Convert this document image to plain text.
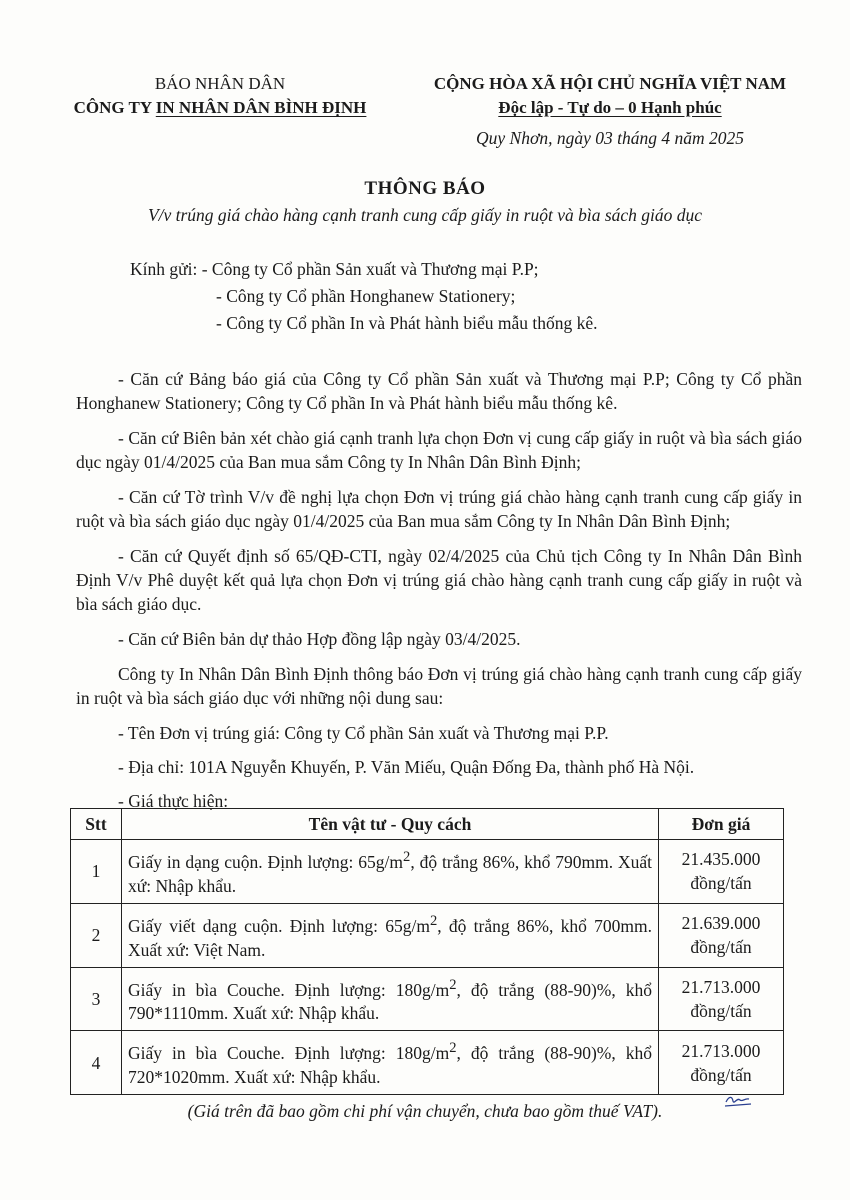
BÁO NHÂN DÂN
CÔNG TY IN NHÂN DÂN BÌNH ĐỊNH
CỘNG HÒA XÃ HỘI CHỦ NGHĨA VIỆT NAM
Độc lập - Tự do – 0 Hạnh phúc
Quy Nhơn, ngày 03 tháng 4 năm 2025
THÔNG BÁO
V/v trúng giá chào hàng cạnh tranh cung cấp giấy in ruột và bìa sách giáo dục
Kính gửi: - Công ty Cổ phần Sản xuất và Thương mại P.P;
- Công ty Cổ phần Honghanew Stationery;
- Công ty Cổ phần In và Phát hành biểu mẫu thống kê.

- Căn cứ Bảng báo giá của Công ty Cổ phần Sản xuất và Thương mại P.P; Công ty Cổ phần Honghanew Stationery; Công ty Cổ phần In và Phát hành biểu mẫu thống kê.

- Căn cứ Biên bản xét chào giá cạnh tranh lựa chọn Đơn vị cung cấp giấy in ruột và bìa sách giáo dục ngày 01/4/2025 của Ban mua sắm Công ty In Nhân Dân Bình Định;

- Căn cứ Tờ trình V/v đề nghị lựa chọn Đơn vị trúng giá chào hàng cạnh tranh cung cấp giấy in ruột và bìa sách giáo dục ngày 01/4/2025 của Ban mua sắm Công ty In Nhân Dân Bình Định;

- Căn cứ Quyết định số 65/QĐ-CTI, ngày 02/4/2025 của Chủ tịch Công ty In Nhân Dân Bình Định V/v Phê duyệt kết quả lựa chọn Đơn vị trúng giá chào hàng cạnh tranh cung cấp giấy in ruột và bìa sách giáo dục.

- Căn cứ Biên bản dự thảo Hợp đồng lập ngày 03/4/2025.

Công ty In Nhân Dân Bình Định thông báo Đơn vị trúng giá chào hàng cạnh tranh cung cấp giấy in ruột và bìa sách giáo dục với những nội dung sau:

- Tên Đơn vị trúng giá: Công ty Cổ phần Sản xuất và Thương mại P.P.

- Địa chỉ: 101A Nguyễn Khuyến, P. Văn Miếu, Quận Đống Đa, thành phố Hà Nội.

- Giá thực hiện:

Stt	Tên vật tư - Quy cách	Đơn giá
1	Giấy in dạng cuộn. Định lượng: $65g/m^2$, độ trắng 86%, khổ 790mm. Xuất xứ: Nhập khẩu.	21.435.000
đồng/tấn

2	Giấy viết dạng cuộn. Định lượng: $65g/m^2$, độ trắng 86%, khổ 700mm. Xuất xứ: Việt Nam.	21.639.000
đồng/tấn

3	Giấy in bìa Couche. Định lượng: $180g/m^2$, độ trắng (88-90)%, khổ 790*1110mm. Xuất xứ: Nhập khẩu.	21.713.000
đồng/tấn

4	Giấy in bìa Couche. Định lượng: $180g/m^2$, độ trắng (88-90)%, khổ 720*1020mm. Xuất xứ: Nhập khẩu.	21.713.000
đồng/tấn
(Giá trên đã bao gồm chi phí vận chuyển, chưa bao gồm thuế VAT).
